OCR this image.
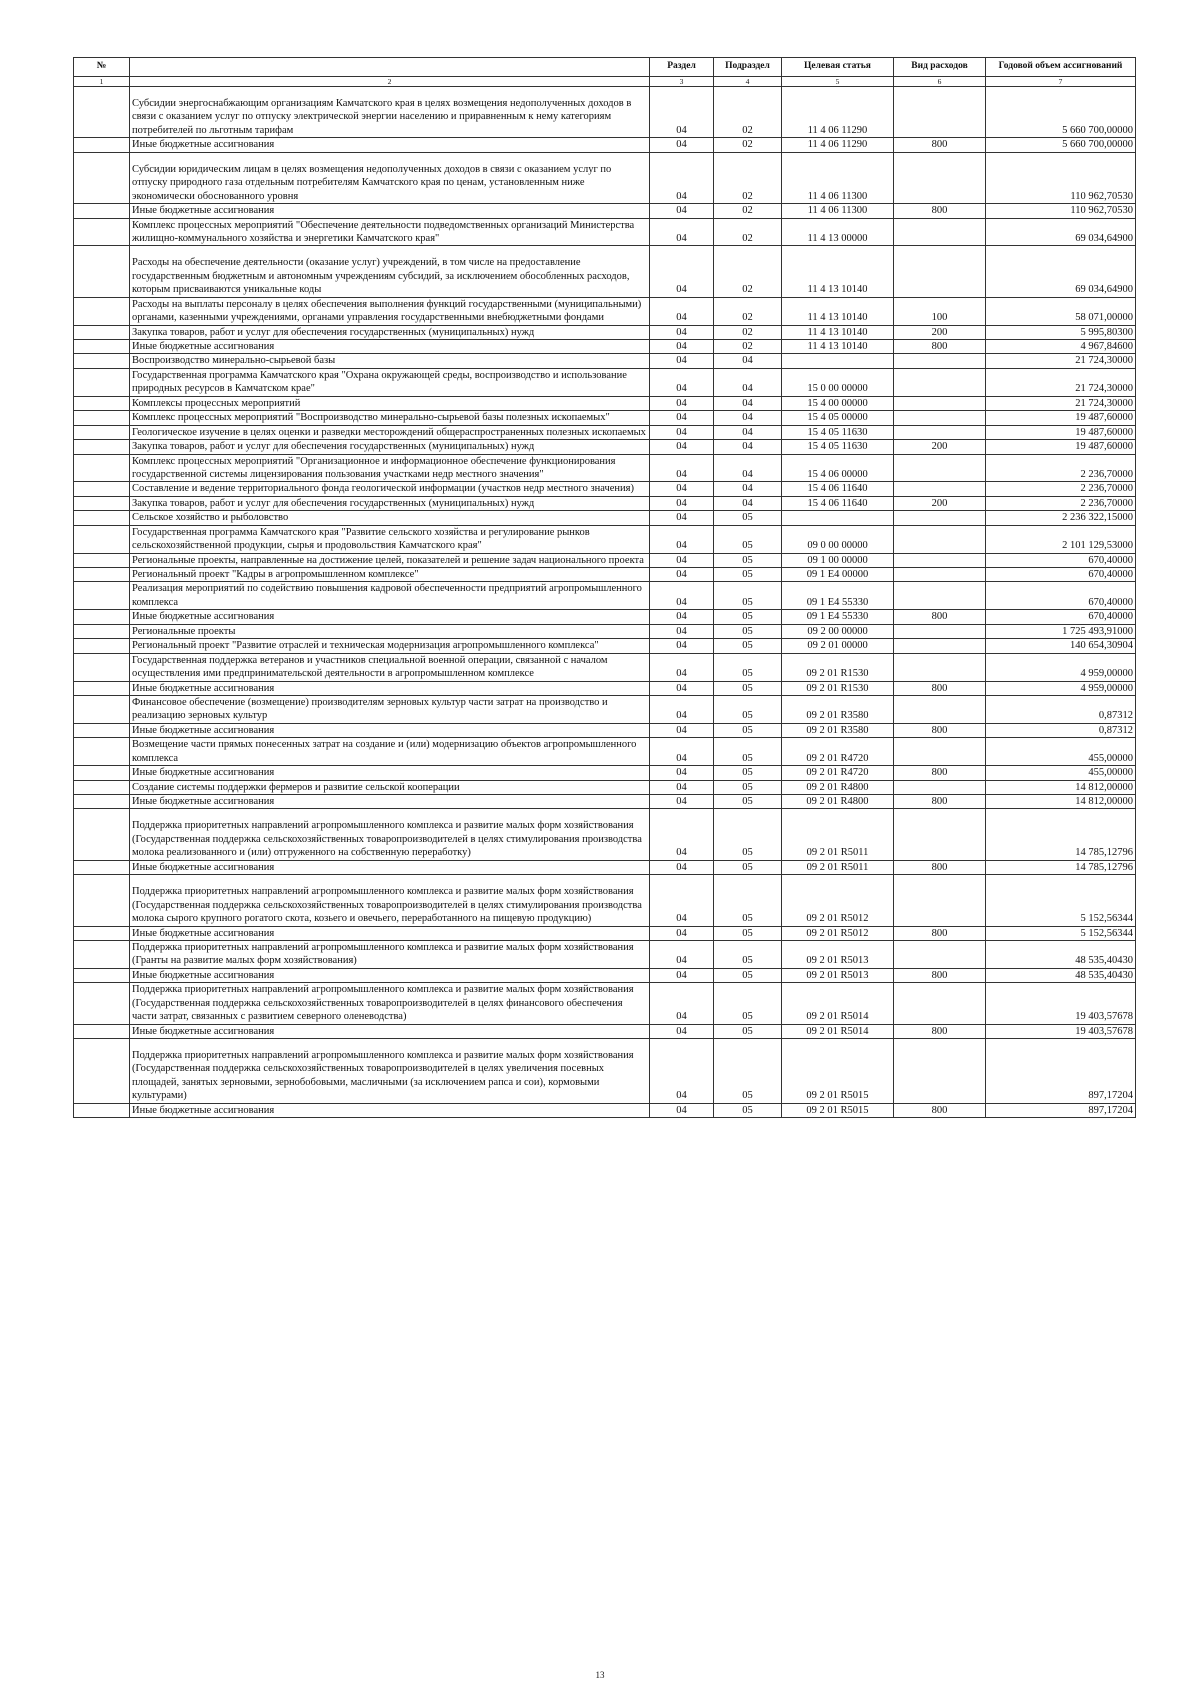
№		Раздел	Подраздел	Целевая статья	Вид расходов	Годовой объем ассигнований
1	2	3	4	5	6	7
	Субсидии энергоснабжающим организациям Камчатского края в целях возмещения недополученных доходов в связи с оказанием услуг по отпуску электрической энергии населению и приравненным к нему категориям потребителей по льготным тарифам	04	02	11 4 06 11290		5 660 700,00000
	Иные бюджетные ассигнования	04	02	11 4 06 11290	800	5 660 700,00000
	Субсидии юридическим лицам в целях возмещения недополученных доходов в связи с оказанием услуг по отпуску природного газа отдельным потребителям Камчатского края по ценам, установленным ниже экономически обоснованного уровня	04	02	11 4 06 11300		110 962,70530
	Иные бюджетные ассигнования	04	02	11 4 06 11300	800	110 962,70530
	Комплекс процессных мероприятий "Обеспечение деятельности подведомственных организаций Министерства жилищно-коммунального хозяйства и энергетики Камчатского края"	04	02	11 4 13 00000		69 034,64900
	Расходы на обеспечение деятельности (оказание услуг) учреждений, в том числе на предоставление государственным бюджетным и автономным учреждениям субсидий, за исключением обособленных расходов, которым присваиваются уникальные коды	04	02	11 4 13 10140		69 034,64900
	Расходы на выплаты персоналу в целях обеспечения выполнения функций государственными (муниципальными) органами, казенными учреждениями, органами управления государственными внебюджетными фондами	04	02	11 4 13 10140	100	58 071,00000
	Закупка товаров, работ и услуг для обеспечения государственных (муниципальных) нужд	04	02	11 4 13 10140	200	5 995,80300
	Иные бюджетные ассигнования	04	02	11 4 13 10140	800	4 967,84600
	Воспроизводство минерально-сырьевой базы	04	04			21 724,30000
	Государственная программа Камчатского края "Охрана окружающей среды, воспроизводство и использование природных ресурсов в Камчатском крае"	04	04	15 0 00 00000		21 724,30000
	Комплексы процессных мероприятий	04	04	15 4 00 00000		21 724,30000
	Комплекс процессных мероприятий "Воспроизводство минерально-сырьевой базы полезных ископаемых"	04	04	15 4 05 00000		19 487,60000
	Геологическое изучение в целях оценки и разведки месторождений общераспространенных полезных ископаемых	04	04	15 4 05 11630		19 487,60000
	Закупка товаров, работ и услуг для обеспечения государственных (муниципальных) нужд	04	04	15 4 05 11630	200	19 487,60000
	Комплекс процессных мероприятий "Организационное и информационное обеспечение функционирования государственной системы лицензирования пользования участками недр местного значения"	04	04	15 4 06 00000		2 236,70000
	Составление и ведение территориального фонда геологической информации (участков недр местного значения)	04	04	15 4 06 11640		2 236,70000
	Закупка товаров, работ и услуг для обеспечения государственных (муниципальных) нужд	04	04	15 4 06 11640	200	2 236,70000
	Сельское хозяйство и рыболовство	04	05			2 236 322,15000
	Государственная программа Камчатского края "Развитие сельского хозяйства и регулирование рынков сельскохозяйственной продукции, сырья и продовольствия Камчатского края"	04	05	09 0 00 00000		2 101 129,53000
	Региональные проекты, направленные на достижение целей, показателей и решение задач национального проекта	04	05	09 1 00 00000		670,40000
	Региональный проект "Кадры в агропромышленном комплексе"	04	05	09 1 Е4 00000		670,40000
	Реализация мероприятий по содействию повышения кадровой обеспеченности предприятий агропромышленного комплекса	04	05	09 1 Е4 55330		670,40000
	Иные бюджетные ассигнования	04	05	09 1 Е4 55330	800	670,40000
	Региональные проекты	04	05	09 2 00 00000		1 725 493,91000
	Региональный проект "Развитие отраслей и техническая модернизация агропромышленного комплекса"	04	05	09 2 01 00000		140 654,30904
	Государственная поддержка ветеранов и участников специальной военной операции, связанной с началом осуществления ими предпринимательской деятельности в агропромышленном комплексе	04	05	09 2 01 R1530		4 959,00000
	Иные бюджетные ассигнования	04	05	09 2 01 R1530	800	4 959,00000
	Финансовое обеспечение (возмещение) производителям зерновых культур части затрат на производство и реализацию зерновых культур	04	05	09 2 01 R3580		0,87312
	Иные бюджетные ассигнования	04	05	09 2 01 R3580	800	0,87312
	Возмещение части прямых понесенных затрат на создание и (или) модернизацию объектов агропромышленного комплекса	04	05	09 2 01 R4720		455,00000
	Иные бюджетные ассигнования	04	05	09 2 01 R4720	800	455,00000
	Создание системы поддержки фермеров и развитие сельской кооперации	04	05	09 2 01 R4800		14 812,00000
	Иные бюджетные ассигнования	04	05	09 2 01 R4800	800	14 812,00000
	Поддержка приоритетных направлений агропромышленного комплекса и развитие малых форм хозяйствования (Государственная поддержка сельскохозяйственных товаропроизводителей в целях стимулирования производства молока реализованного и (или) отгруженного на собственную переработку)	04	05	09 2 01 R5011		14 785,12796
	Иные бюджетные ассигнования	04	05	09 2 01 R5011	800	14 785,12796
	Поддержка приоритетных направлений агропромышленного комплекса и развитие малых форм хозяйствования (Государственная поддержка сельскохозяйственных товаропроизводителей в целях стимулирования производства молока сырого крупного рогатого скота, козьего и овечьего, переработанного на пищевую продукцию)	04	05	09 2 01 R5012		5 152,56344
	Иные бюджетные ассигнования	04	05	09 2 01 R5012	800	5 152,56344
	Поддержка приоритетных направлений агропромышленного комплекса и развитие малых форм хозяйствования (Гранты на развитие малых форм хозяйствования)	04	05	09 2 01 R5013		48 535,40430
	Иные бюджетные ассигнования	04	05	09 2 01 R5013	800	48 535,40430
	Поддержка приоритетных направлений агропромышленного комплекса и развитие малых форм хозяйствования (Государственная поддержка сельскохозяйственных товаропроизводителей в целях финансового обеспечения части затрат, связанных с развитием северного оленеводства)	04	05	09 2 01 R5014		19 403,57678
	Иные бюджетные ассигнования	04	05	09 2 01 R5014	800	19 403,57678
	Поддержка приоритетных направлений агропромышленного комплекса и развитие малых форм хозяйствования (Государственная поддержка сельскохозяйственных товаропроизводителей в целях увеличения посевных площадей, занятых зерновыми, зернобобовыми, масличными (за исключением рапса и сои), кормовыми культурами)	04	05	09 2 01 R5015		897,17204
	Иные бюджетные ассигнования	04	05	09 2 01 R5015	800	897,17204
13
